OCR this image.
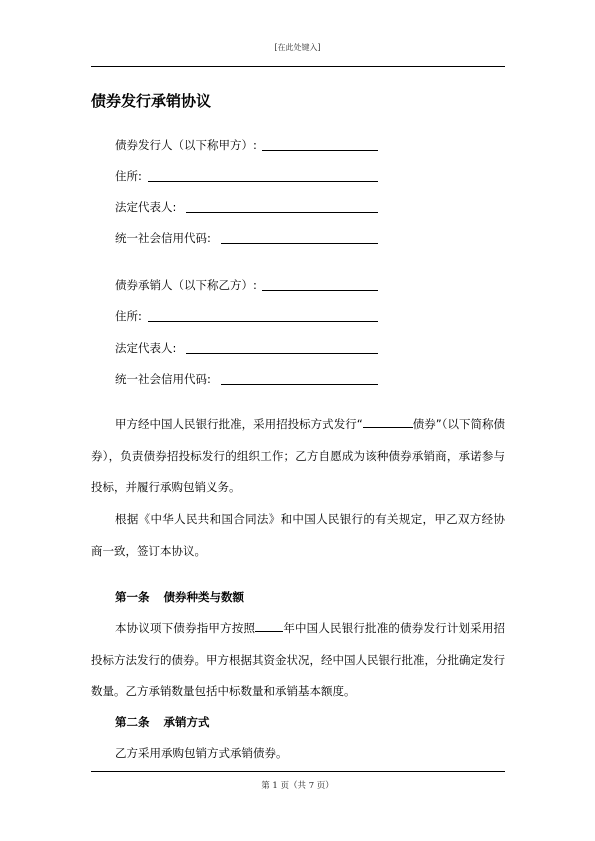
[在此处键入]
债券发行承销协议
债券发行人（以下称甲方）:
住所:
法定代表人:
统一社会信用代码:
债券承销人（以下称乙方）:
住所:
法定代表人:
统一社会信用代码:

甲方经中国人民银行批准，采用招投标方式发行“	债券”（以下简称债券），负责债券招投标发行的组织工作；乙方自愿成为该种债券承销商，承诺参与投标，并履行承购包销义务。

根据《中华人民共和国合同法》和中国人民银行的有关规定，甲乙双方经协商一致，签订本协议。

第一条 债券种类与数额

本协议项下债券指甲方按照 年中国人民银行批准的债券发行计划采用招投标方法发行的债券。甲方根据其资金状况，经中国人民银行批准，分批确定发行数量。乙方承销数量包括中标数量和承销基本额度。

第二条 承销方式

乙方采用承购包销方式承销债券。

第 1 页（共 7 页）
